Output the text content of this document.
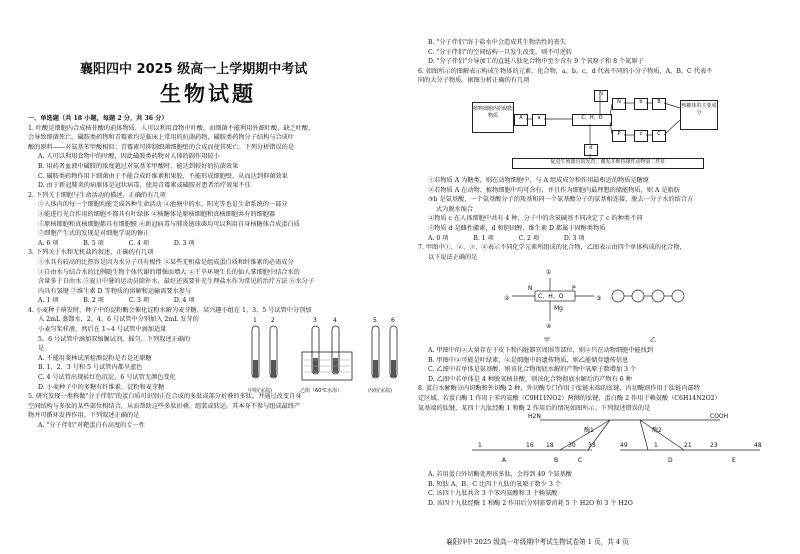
襄阳四中 2025 级高一上学期期中考试
生物试题

一、单选题（共 18 小题，每题 2 分，共 36 分）

1. 叶酸是细胞内合成核苷酸的前体物质，人可以利用食物中叶酸，而细菌不能利用外源叶酸，缺乏叶酸，

会导致细菌死亡。磺胺类药物和青霉素均是临床上常用的抗菌药物，磺胺类药物分子结构与合成叶

酸的原料——对氨基苯甲酸相似；青霉素可抑制细菌细胞壁的合成而使其死亡。下列分析错误的是

A. 人可以利用食物中的叶酸，因此磺胺类药物对人体的副作用较小

B. 用药者血液中磺胺的浓度越过对氨基苯甲酸时，能达到较好的抗菌效果

C. 磺胺类药物作用下细菌由于不能合成纤维素和果胶，不能形成细胞壁，从而达到抑菌效果

D. 由于新冠肺炎的病原体是冠状病毒，使用青霉素或磺胺对患者治疗效果不佳

2. 下列关于细胞与生命活动的描述，正确的有几项

①人体内的每一个细胞均能完成各种生命活动 ②池塘中的水、阳光等也是生命系统的一部分

③能进行光合作用的细胞不都具有叶绿体 ④核糖体是原核细胞和真核细胞共有的细胞器

⑤原核细胞和真核细胞都具有细胞膜 ⑥新冠病毒与肺炎链球菌均可以利用自身核糖体合成蛋白质

⑦细胞产生式的发现是对细胞学说的修正

A. 6 项　　　　B. 5 项　　　　C. 4 项　　　　D. 3 项

3. 下列关于水和无机盐的叙述，正确的有几项

①水具有较高的比热容是因为水分子具有极性 ②某些无机盐是组成蛋白质和纤维素的必需成分

③自由水与结合水的比例随生物个体代谢的增强而增大 ④干旱环境生长的仙人掌细胞中结合水的

含量多于自由水 ⑤夏日中暑的运动员除补水，最好还需要补充生理盐水作为常见的治疗方法 ⑥水分子

内具有氢键 ⑦维生素 D 等物质的溶解和运输需要水参与

A. 1 项　　　　B. 2 项　　　　C. 3 项　　　　D. 4 项

4. 小麦种子萌发时，种子中的淀粉酶会催化淀粉水解为麦芽糖。某兴趣小组在 1、3、5 号试管中分别加

入 2mL 蒸馏水，2、4、6 号试管中分别加入 2mL 发芽的

小麦匀浆样液，然后在 1~4 号试管中滴加适量

5、6 号试管中滴加双缩脲试剂，摇匀。下列叙述正确的

是

A. 不能用斐林试剂检测淀粉是否是还原糖

B. 1、2、3 号和 5 号试管内都呈蓝色

C. 4 号试管出现砖红色沉淀，6 号试管无颜色变化

D. 小麦种子中的多糖有纤维素、淀粉和麦芽糖

5. 研究发现一类称做"分子伴侣"的蛋白质可识别正在合成的多肽或部分折叠的多肽，并通过改变自身

空间结构与多肽的某些部位相结合，从而帮助这些多肽折叠、组装或转运，其本身不参与组成最终产

物并可循环发挥作用。下列叙述正确的是

A. "分子伴侣"对靶蛋白有高度的专一性

1 2	3	4	5 6
甲组(室温)	乙组（60℃水浴）	丙组(室温)

B. "分子伴侣"溶于盐水中会造成其生物活性的丧失

C. "分子伴侣"的空间结构一旦发生改变，则不可逆转

D. "分子伴侣"介导加工的直链八肽化合物中至少含有 9 个氧原子和 8 个氮原子

6. 如图所示的图解表示构成生物体的元素、化合物，a、b、c、d 代表不同的小分子物质，A、B、C 代表不

同的大分子物质。据图分析正确的有几项

植物细胞内的储能物质	C、H、O
N
P
N
b	B
c	C
a
A
d
核糖体的主要成分
促进生殖器官的发育，激发并维持雄性动物第二性征

①若物质 A 为糖类，则在动物细胞中，与 A 组成成分和作用最相近的物质是糖原

②若物质 A 在动物、植物细胞中均可含有，并且作为细胞内最理想的储能物质，则 A 是脂肪

③b 是氨基酸，一个氨基酸分子的羧基和同一个氨基酸分子的氨基相连接，脱去一分子水的结合方

式为脱水缩合

④物质 c 在人体细胞中共有 4 种，分子中的含氮碱基不同决定了 c 的种类不同

⑤物质 d 是雌性激素，d 和胆固醇、维生素 D 都属于固醇类物质

A. 0 项　　　　B. 1 项　　　　C. 2 项　　　　D. 3 项

7. 甲图中①、②、③、④表示不同化学元素所组成的化合物，乙图表示由四个单体构成的化合物，

以下说法正确的是

①
②	③
④
C、H、O
N	P
Mg
甲	乙

A. 甲图中的②大量存在于皮下和内脏器官周围等部位，则②只在动物细胞中能找到

B. 甲图中④可能是叶绿素，④是细胞中的遗传物质，则乙能储存遗传信息

C. 乙图中若单体是氨基酸，则该化合物彻底水解的产物中氧原子数增加 3 个

D. 乙图中若单体是 4 种脱氧核苷酸，则该化合物彻底水解后的产物有 6 种

8. 蛋白水解酶分内切酶和外切酶 2 种，外切酶专门作用于肽链末端的肽键，内切酶则作用于肽链内部特

定区域。若蛋白酶 1 作用于苯丙氨酸（C9H11NO2）两侧的肽键，蛋白酶 2 作用于赖氨酸（C6H14N2O2）

氨基端的肽键，某四十九肽经酶 1 和酶 2 作用后的情况如图所示。下列叙述错误的是

H2N	COOH
酶1	酶2
1	16 18 30 33	49	1	21	23	48
A	B	C	D	E

A. 若用蛋白外切酶处理该多肽，会得到 49 个氨基酸

B. 短肽 A、B、C 比四十九肽的氧原子数少 3 个

C. 该四十九肽共含 3 个苯丙氨酸和 3 个赖氨酸

D. 该四十九肽经酶 1 和酶 2 作用后分别需要消耗 5 个 H2O 和 3 个 H2O

襄阳四中 2025 级高一年级期中考试生物试卷第 1 页，共 4 页
